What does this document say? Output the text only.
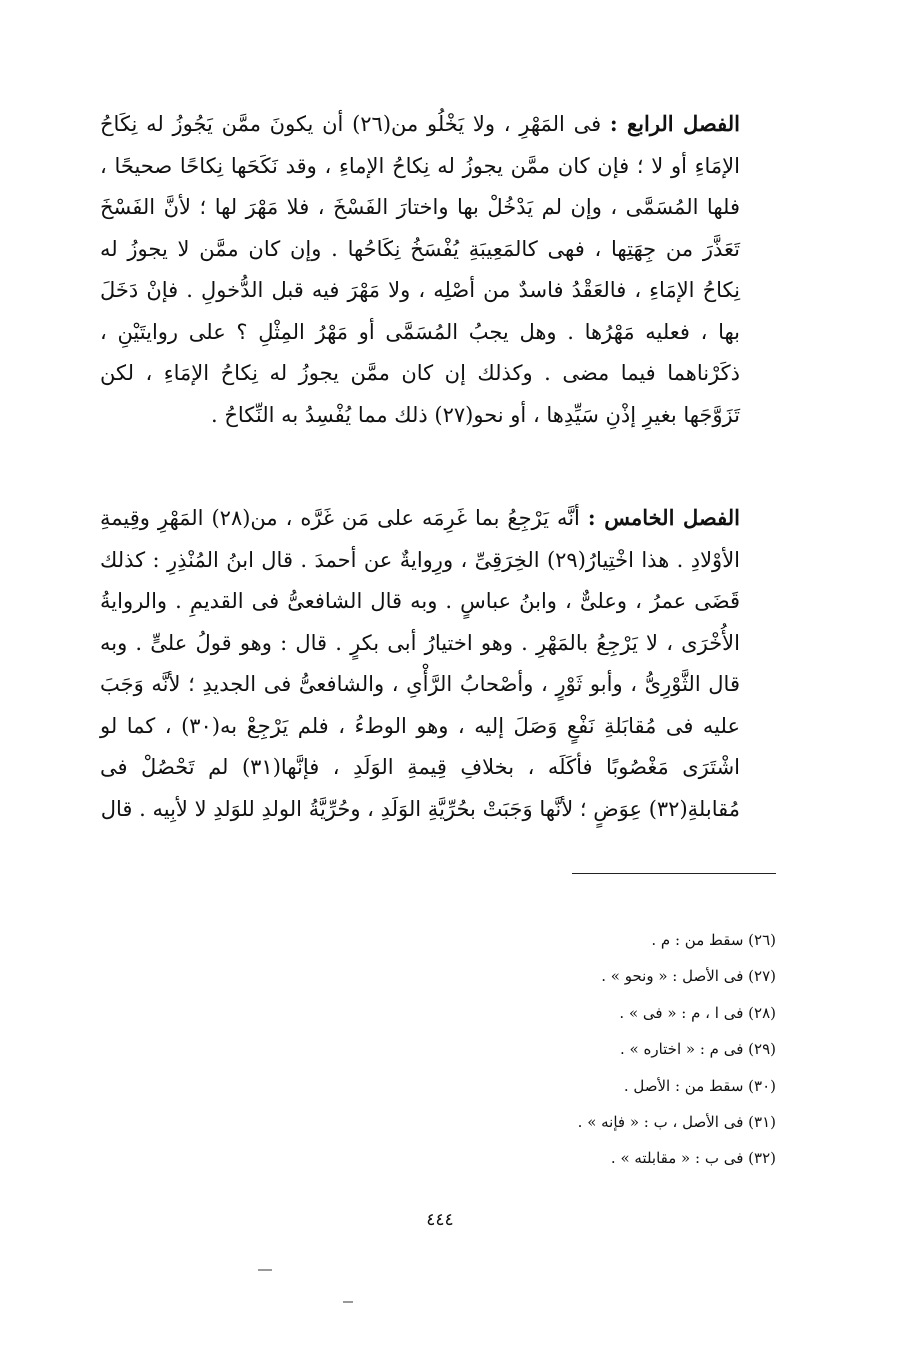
الفصل الرابع : فى المَهْرِ ، ولا يَخْلُو من(٢٦) أن يكونَ ممَّن يَجُوزُ له نِكَاحُ الإمَاءِ أو لا ؛ فإن كان ممَّن يجوزُ له نِكاحُ الإماءِ ، وقد نَكَحَها نِكاحًا صحيحًا ، فلها المُسَمَّى ، وإن لم يَدْخُلْ بها واختارَ الفَسْخَ ، فلا مَهْرَ لها ؛ لأنَّ الفَسْخَ تَعَذَّرَ من جِهَتِها ، فهى كالمَعِيبَةِ يُفْسَخُ نِكَاحُها . وإن كان ممَّن لا يجوزُ له نِكاحُ الإمَاءِ ، فالعَقْدُ فاسدٌ من أصْلِه ، ولا مَهْرَ فيه قبل الدُّخولِ . فإنْ دَخَلَ بها ، فعليه مَهْرُها . وهل يجبُ المُسَمَّى أو مَهْرُ المِثْلِ ؟ على روايتَيْنِ ، ذكَرْناهما فيما مضى . وكذلك إن كان ممَّن يجوزُ له نِكاحُ الإمَاءِ ، لكن تَزَوَّجَها بغيرِ إذْنِ سَيِّدِها ، أو نحو(٢٧) ذلك مما يُفْسِدُ به النِّكاحُ .

الفصل الخامس : أنَّه يَرْجِعُ بما غَرِمَه على مَن غَرَّه ، من(٢٨) المَهْرِ وقِيمةِ الأوْلادِ . هذا اخْتِيارُ(٢٩) الخِرَقِىِّ ، ورِوايةٌ عن أحمدَ . قال ابنُ المُنْذِرِ : كذلك قَضَى عمرُ ، وعلىٌّ ، وابنُ عباسٍ . وبه قال الشافعىُّ فى القديمِ . والروايةُ الأُخْرَى ، لا يَرْجِعُ بالمَهْرِ . وهو اختيارُ أبى بكرٍ . قال : وهو قولُ علىٍّ . وبه قال الثَّوْرِىُّ ، وأبو ثَوْرٍ ، وأصْحابُ الرَّأْىِ ، والشافعىُّ فى الجديدِ ؛ لأنَّه وَجَبَ عليه فى مُقابَلةِ نَفْعٍ وَصَلَ إليه ، وهو الوطءُ ، فلم يَرْجِعْ به(٣٠) ، كما لو اشْتَرَى مَغْصُوبًا فأكَلَه ، بخلافِ قِيمةِ الوَلَدِ ، فإنَّها(٣١) لم تَحْصُلْ فى مُقابلةِ(٣٢) عِوَضٍ ؛ لأنَّها وَجَبَتْ بحُرِّيَّةِ الوَلَدِ ، وحُرِّيَّةُ الولدِ للوَلدِ لا لأبِيه . قال

(٢٦) سقط من : م .
(٢٧) فى الأصل : « ونحو » .
(٢٨) فى ا ، م : « فى » .
(٢٩) فى م : « اختاره » .
(٣٠) سقط من : الأصل .
(٣١) فى الأصل ، ب : « فإنه » .
(٣٢) فى ب : « مقابلته » .
٤٤٤
